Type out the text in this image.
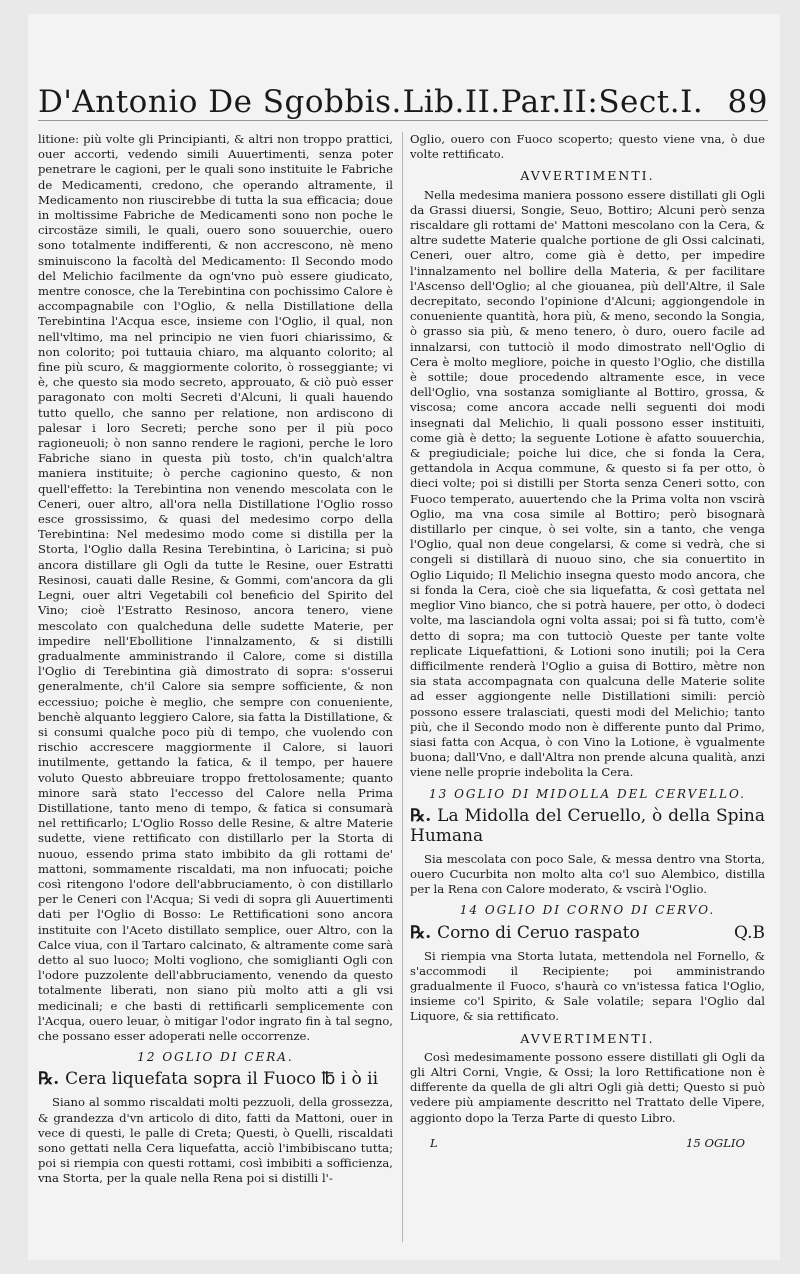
D'Antonio De Sgobbis. Lib.II.Par.II:Sect.I. 89

litione: più volte gli Principianti, & altri non troppo prattici, ouer accorti, vedendo simili Auuertimenti, senza poter penetrare le cagioni, per le quali sono instituite le Fabriche de Medicamenti, credono, che operando altramente, il Medicamento non riuscirebbe di tutta la sua efficacia; doue in moltissime Fabriche de Medicamenti sono non poche le circostäze simili, le quali, ouero sono souuerchie, ouero sono totalmente indifferenti, & non accrescono, nè meno sminuiscono la facoltà del Medicamento: Il Secondo modo del Melichio facilmente da ogn'vno può essere giudicato, mentre conosce, che la Terebintina con pochissimo Calore è accompagnabile con l'Oglio, & nella Distillatione della Terebintina l'Acqua esce, insieme con l'Oglio, il qual, non nell'vltimo, ma nel principio ne vien fuori chiarissimo, & non colorito; poi tuttauia chiaro, ma alquanto colorito; al fine più scuro, & maggiormente colorito, ò rosseggiante; vi è, che questo sia modo secreto, approuato, & ciò può esser paragonato con molti Secreti d'Alcuni, li quali hauendo tutto quello, che sanno per relatione, non ardiscono di palesar i loro Secreti; perche sono per il più poco ragioneuoli; ò non sanno rendere le ragioni, perche le loro Fabriche siano in questa più tosto, ch'in qualch'altra maniera instituite; ò perche cagionino questo, & non quell'effetto: la Terebintina non venendo mescolata con le Ceneri, ouer altro, all'ora nella Distillatione l'Oglio rosso esce grossissimo, & quasi del medesimo corpo della Terebintina: Nel medesimo modo come si distilla per la Storta, l'Oglio dalla Resina Terebintina, ò Laricina; si può ancora distillare gli Ogli da tutte le Resine, ouer Estratti Resinosi, cauati dalle Resine, & Gommi, com'ancora da gli Legni, ouer altri Vegetabili col beneficio del Spirito del Vino; cioè l'Estratto Resinoso, ancora tenero, viene mescolato con qualcheduna delle sudette Materie, per impedire nell'Ebollitione l'innalzamento, & si distilli gradualmente amministrando il Calore, come si distilla l'Oglio di Terebintina già dimostrato di sopra: s'osserui generalmente, ch'il Calore sia sempre sofficiente, & non eccessiuo; poiche è meglio, che sempre con conueniente, benchè alquanto leggiero Calore, sia fatta la Distillatione, & si consumi qualche poco più di tempo, che vuolendo con rischio accrescere maggiormente il Calore, si lauori inutilmente, gettando la fatica, & il tempo, per hauere voluto Questo abbreuiare troppo frettolosamente; quanto minore sarà stato l'eccesso del Calore nella Prima Distillatione, tanto meno di tempo, & fatica si consumarà nel rettificarlo; L'Oglio Rosso delle Resine, & altre Materie sudette, viene rettificato con distillarlo per la Storta di nuouo, essendo prima stato imbibito da gli rottami de' mattoni, sommamente riscaldati, ma non infuocati; poiche così ritengono l'odore dell'abbruciamento, ò con distillarlo per le Ceneri con l'Acqua; Si vedi di sopra gli Auuertimenti dati per l'Oglio di Bosso: Le Rettificationi sono ancora instituite con l'Aceto distillato semplice, ouer Altro, con la Calce viua, con il Tartaro calcinato, & altramente come sarà detto al suo luoco; Molti vogliono, che somiglianti Ogli con l'odore puzzolente dell'abbruciamento, venendo da questo totalmente liberati, non siano più molto atti a gli vsi medicinali; e che basti di rettificarli semplicemente con l'Acqua, ouero leuar, ò mitigar l'odor ingrato fin à tal segno, che possano esser adoperati nelle occorrenze.

12 OGLIO DI CERA.
℞. Cera liquefata sopra il Fuoco ℔ i ò ii

Siano al sommo riscaldati molti pezzuoli, della grossezza, & grandezza d'vn articolo di dito, fatti da Mattoni, ouer in vece di questi, le palle di Creta; Questi, ò Quelli, riscaldati sono gettati nella Cera liquefatta, acciò l'imbibiscano tutta; poi si riempia con questi rottami, così imbibiti a sofficienza, vna Storta, per la quale nella Rena poi si distilli l'-

Oglio, ouero con Fuoco scoperto; questo viene vna, ò due volte rettificato.

AVVERTIMENTI.

Nella medesima maniera possono essere distillati gli Ogli da Grassi diuersi, Songie, Seuo, Bottiro; Alcuni però senza riscaldare gli rottami de' Mattoni mescolano con la Cera, & altre sudette Materie qualche portione de gli Ossi calcinati, Ceneri, ouer altro, come già è detto, per impedire l'innalzamento nel bollire della Materia, & per facilitare l'Ascenso dell'Oglio; al che giouanea, più dell'Altre, il Sale decrepitato, secondo l'opinione d'Alcuni; aggiongendole in conueniente quantità, hora più, & meno, secondo la Songia, ò grasso sia più, & meno tenero, ò duro, ouero facile ad innalzarsi, con tuttociò il modo dimostrato nell'Oglio di Cera è molto megliore, poiche in questo l'Oglio, che distilla è sottile; doue procedendo altramente esce, in vece dell'Oglio, vna sostanza somigliante al Bottiro, grossa, & viscosa; come ancora accade nelli seguenti doi modi insegnati dal Melichio, li quali possono esser instituiti, come già è detto; la seguente Lotione è afatto souuerchia, & pregiudiciale; poiche lui dice, che si fonda la Cera, gettandola in Acqua commune, & questo si fa per otto, ò dieci volte; poi si distilli per Storta senza Ceneri sotto, con Fuoco temperato, auuertendo che la Prima volta non vscirà Oglio, ma vna cosa simile al Bottiro; però bisognarà distillarlo per cinque, ò sei volte, sin a tanto, che venga l'Oglio, qual non deue congelarsi, & come si vedrà, che si congeli si distillarà di nuouo sino, che sia conuertito in Oglio Liquido; Il Melichio insegna questo modo ancora, che si fonda la Cera, cioè che sia liquefatta, & così gettata nel meglior Vino bianco, che si potrà hauere, per otto, ò dodeci volte, ma lasciandola ogni volta assai; poi si fà tutto, com'è detto di sopra; ma con tuttociò Queste per tante volte replicate Liquefattioni, & Lotioni sono inutili; poi la Cera difficilmente renderà l'Oglio a guisa di Bottiro, mètre non sia stata accompagnata con qualcuna delle Materie solite ad esser aggiongente nelle Distillationi simili: perciò possono essere tralasciati, questi modi del Melichio; tanto più, che il Secondo modo non è differente punto dal Primo, siasi fatta con Acqua, ò con Vino la Lotione, è vgualmente buona; dall'Vno, e dall'Altra non prende alcuna qualità, anzi viene nelle proprie indebolita la Cera.

13 OGLIO DI MIDOLLA DEL CERVELLO.
℞. La Midolla del Ceruello, ò della Spina Humana

Sia mescolata con poco Sale, & messa dentro vna Storta, ouero Cucurbita non molto alta co'l suo Alembico, distilla per la Rena con Calore moderato, & vscirà l'Oglio.

14 OGLIO DI CORNO DI CERVO.
℞. Corno di Ceruo raspato	Q.B

Si riempia vna Storta lutata, mettendola nel Fornello, & s'accommodi il Recipiente; poi amministrando gradualmente il Fuoco, s'haurà co vn'istessa fatica l'Oglio, insieme co'l Spirito, & Sale volatile; separa l'Oglio dal Liquore, & sia rettificato.

AVVERTIMENTI.

Così medesimamente possono essere distillati gli Ogli da gli Altri Corni, Vngie, & Ossi; la loro Rettificatione non è differente da quella de gli altri Ogli già detti; Questo si può vedere più ampiamente descritto nel Trattato delle Vipere, aggionto dopo la Terza Parte di questo Libro.

L	15 OGLIO
